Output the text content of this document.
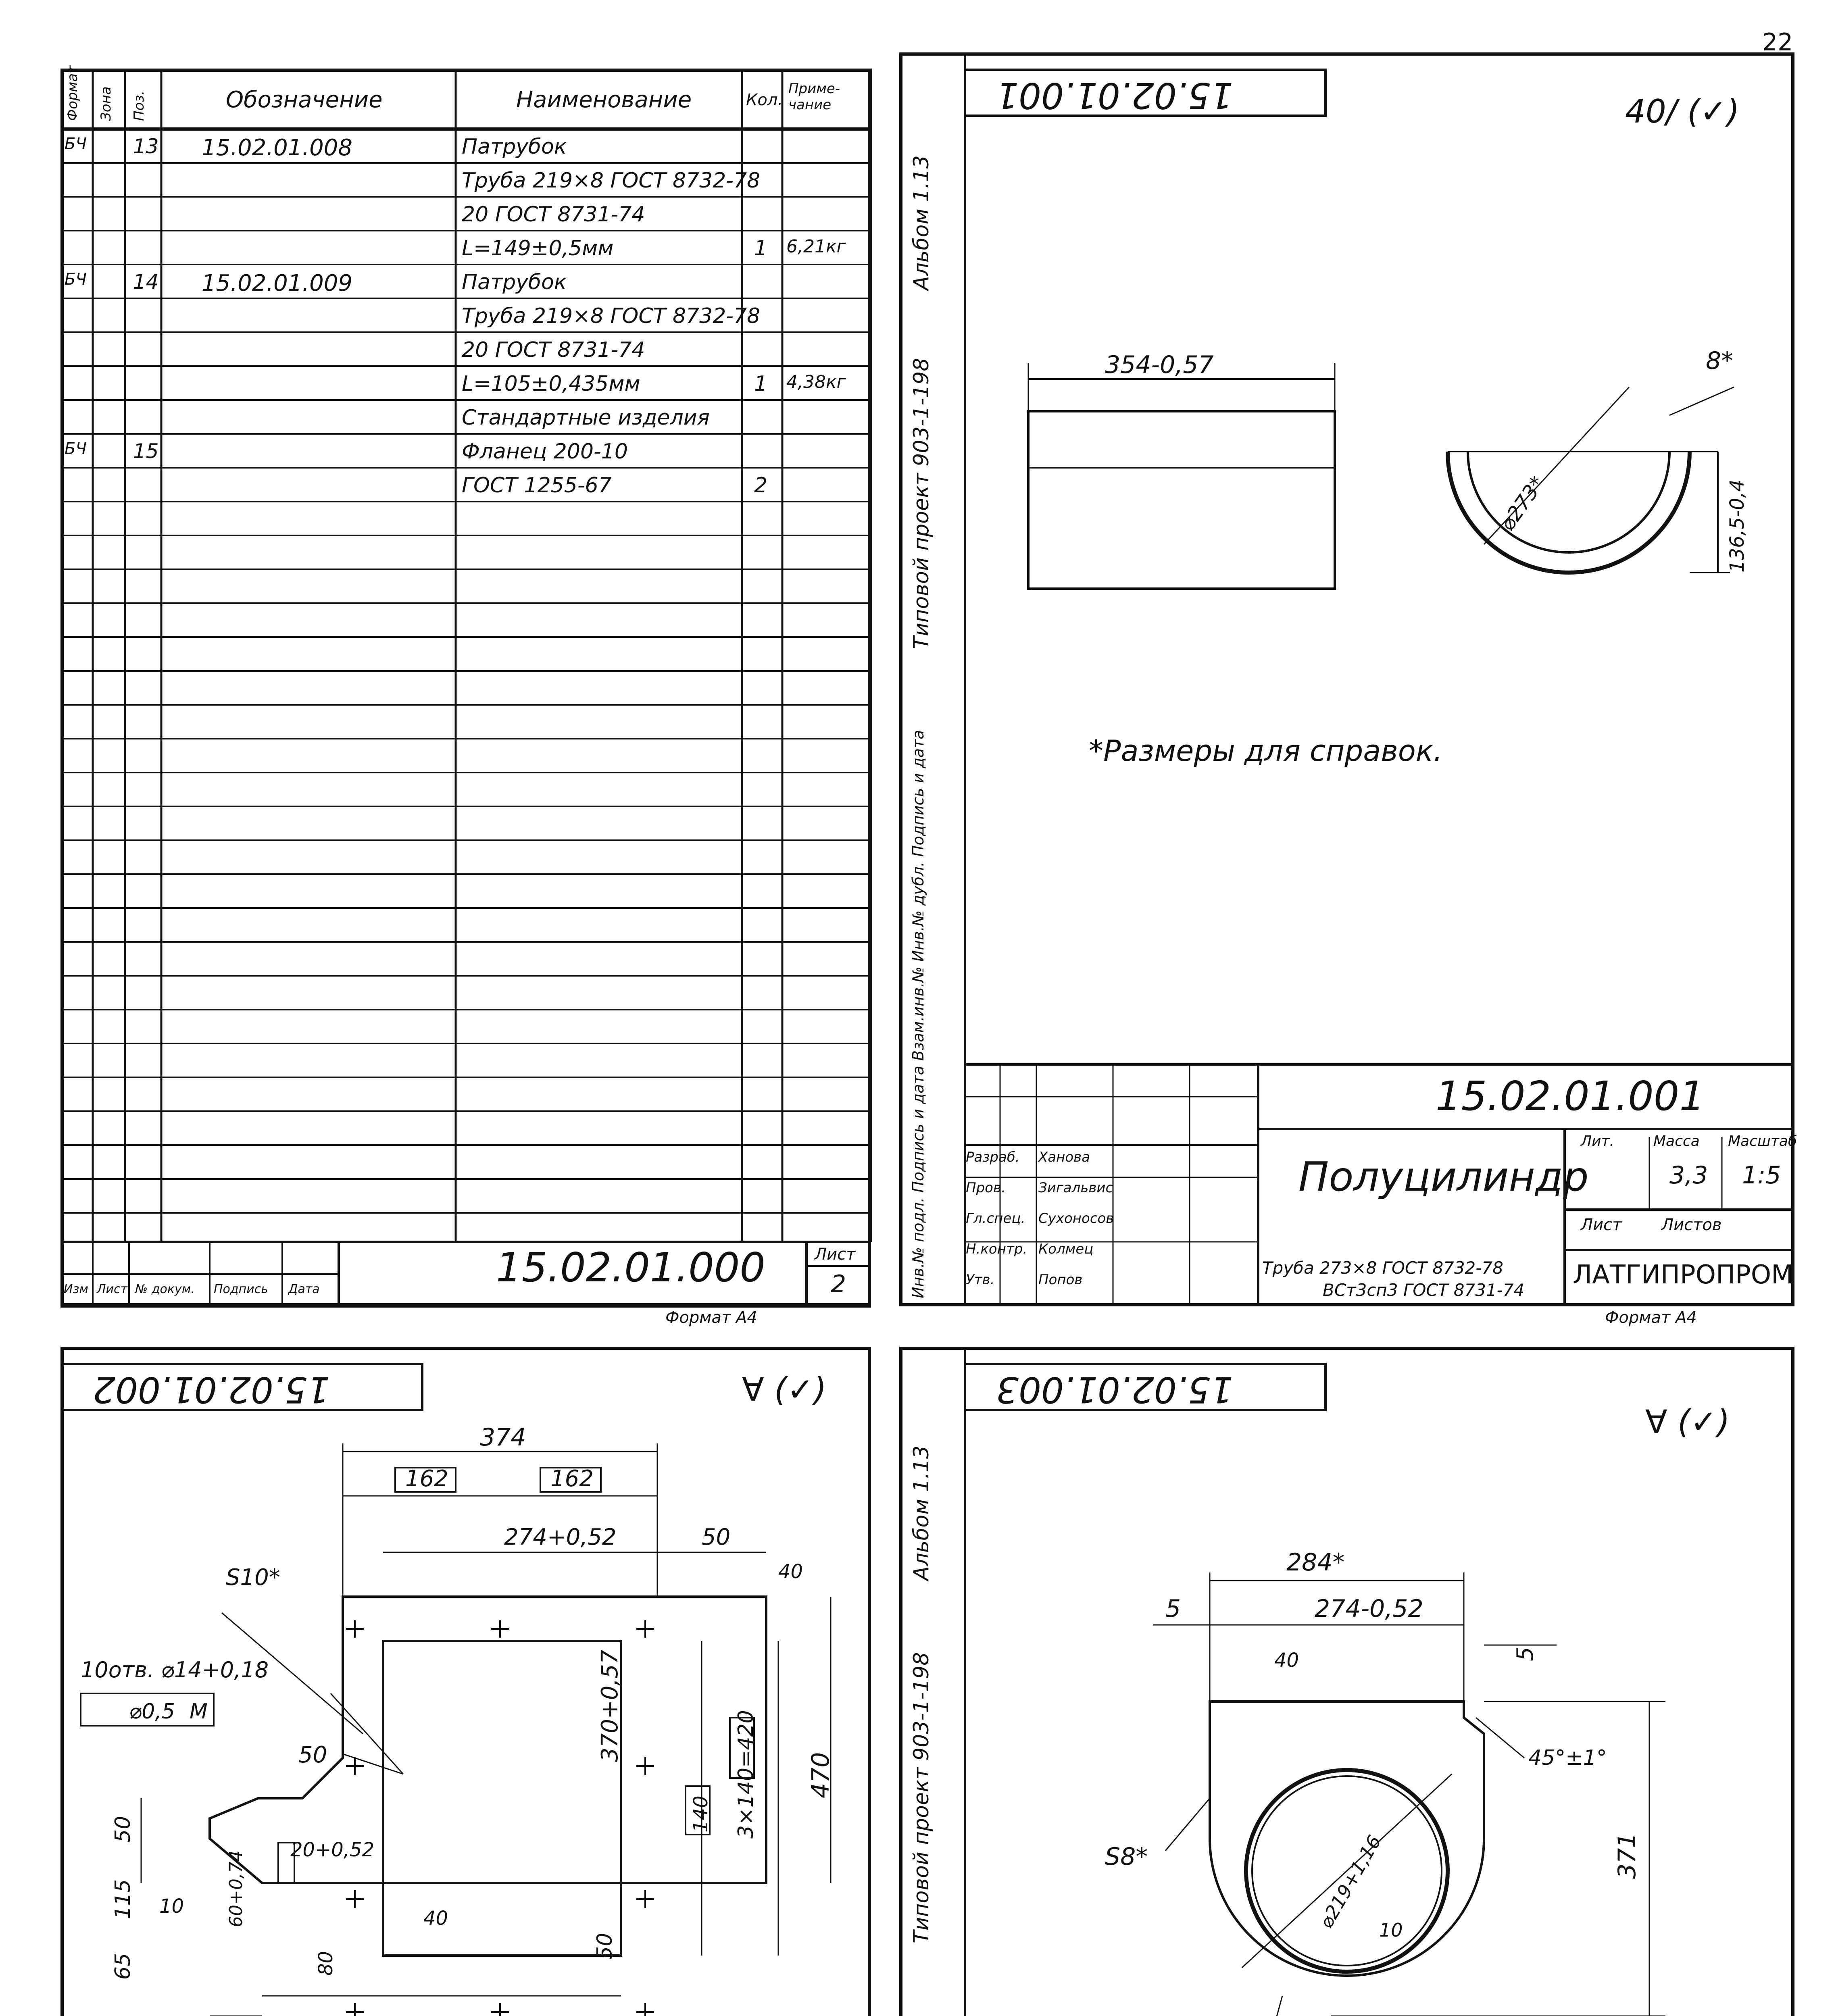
22
Формат Зона Поз.	Обозначение	Наименование	Кол.
Приме-чание
БЧ 13 15.02.01.008	Патрубок
Труба 219×8 ГОСТ 8732-78
20 ГОСТ 8731-74
L=149±0,5мм	1 6,21кг
БЧ 14 15.02.01.009	Патрубок
Труба 219×8 ГОСТ 8732-78
20 ГОСТ 8731-74
L=105±0,435мм	1 4,38кг
Стандартные изделия
БЧ 15	Фланец 200-10
ГОСТ 1255-67	2
15.02.01.000	Лист
2
Изм Лист № докум. Подпись Дата
Формат А4
15.02.01.001	40/ (✓)
Альбом 1.13
Типовой проект 903-1-198
Инв.№ подл. Подпись и дата Взам.инв.№ Инв.№ дубл. Подпись и дата
354-0,57	8*
⌀273*	136,5-0,4
*Размеры для справок.
15.02.01.001
Полуцилиндр
Лит.	Масса Масштаб
3,3 1:5
Лист Листов
Труба 273×8 ГОСТ 8732-78
ВСт3сп3 ГОСТ 8731-74
ЛАТГИПРОПРОМ
Формат А4
Разраб. Ханова
Пров. Зигальвис
Гл.спец. Сухоносов
Н.контр. Колмец
Утв.	Попов
15.02.01.002	∀ (✓)
374
162	162
274+0,52	50
S10*
10отв. ⌀14+0,18
⌀0,5 M
50	370+0,57
3×140=420 470
140
50
50
115
65
20+0,52
60+0,74
80
40
40
10
15.02.01.003
∀ (✓)
Альбом 1.13
Типовой проект 903-1-198
284*
5	274-0,52
5
40
45°±1°
S8*	⌀219+1,16
10
371
